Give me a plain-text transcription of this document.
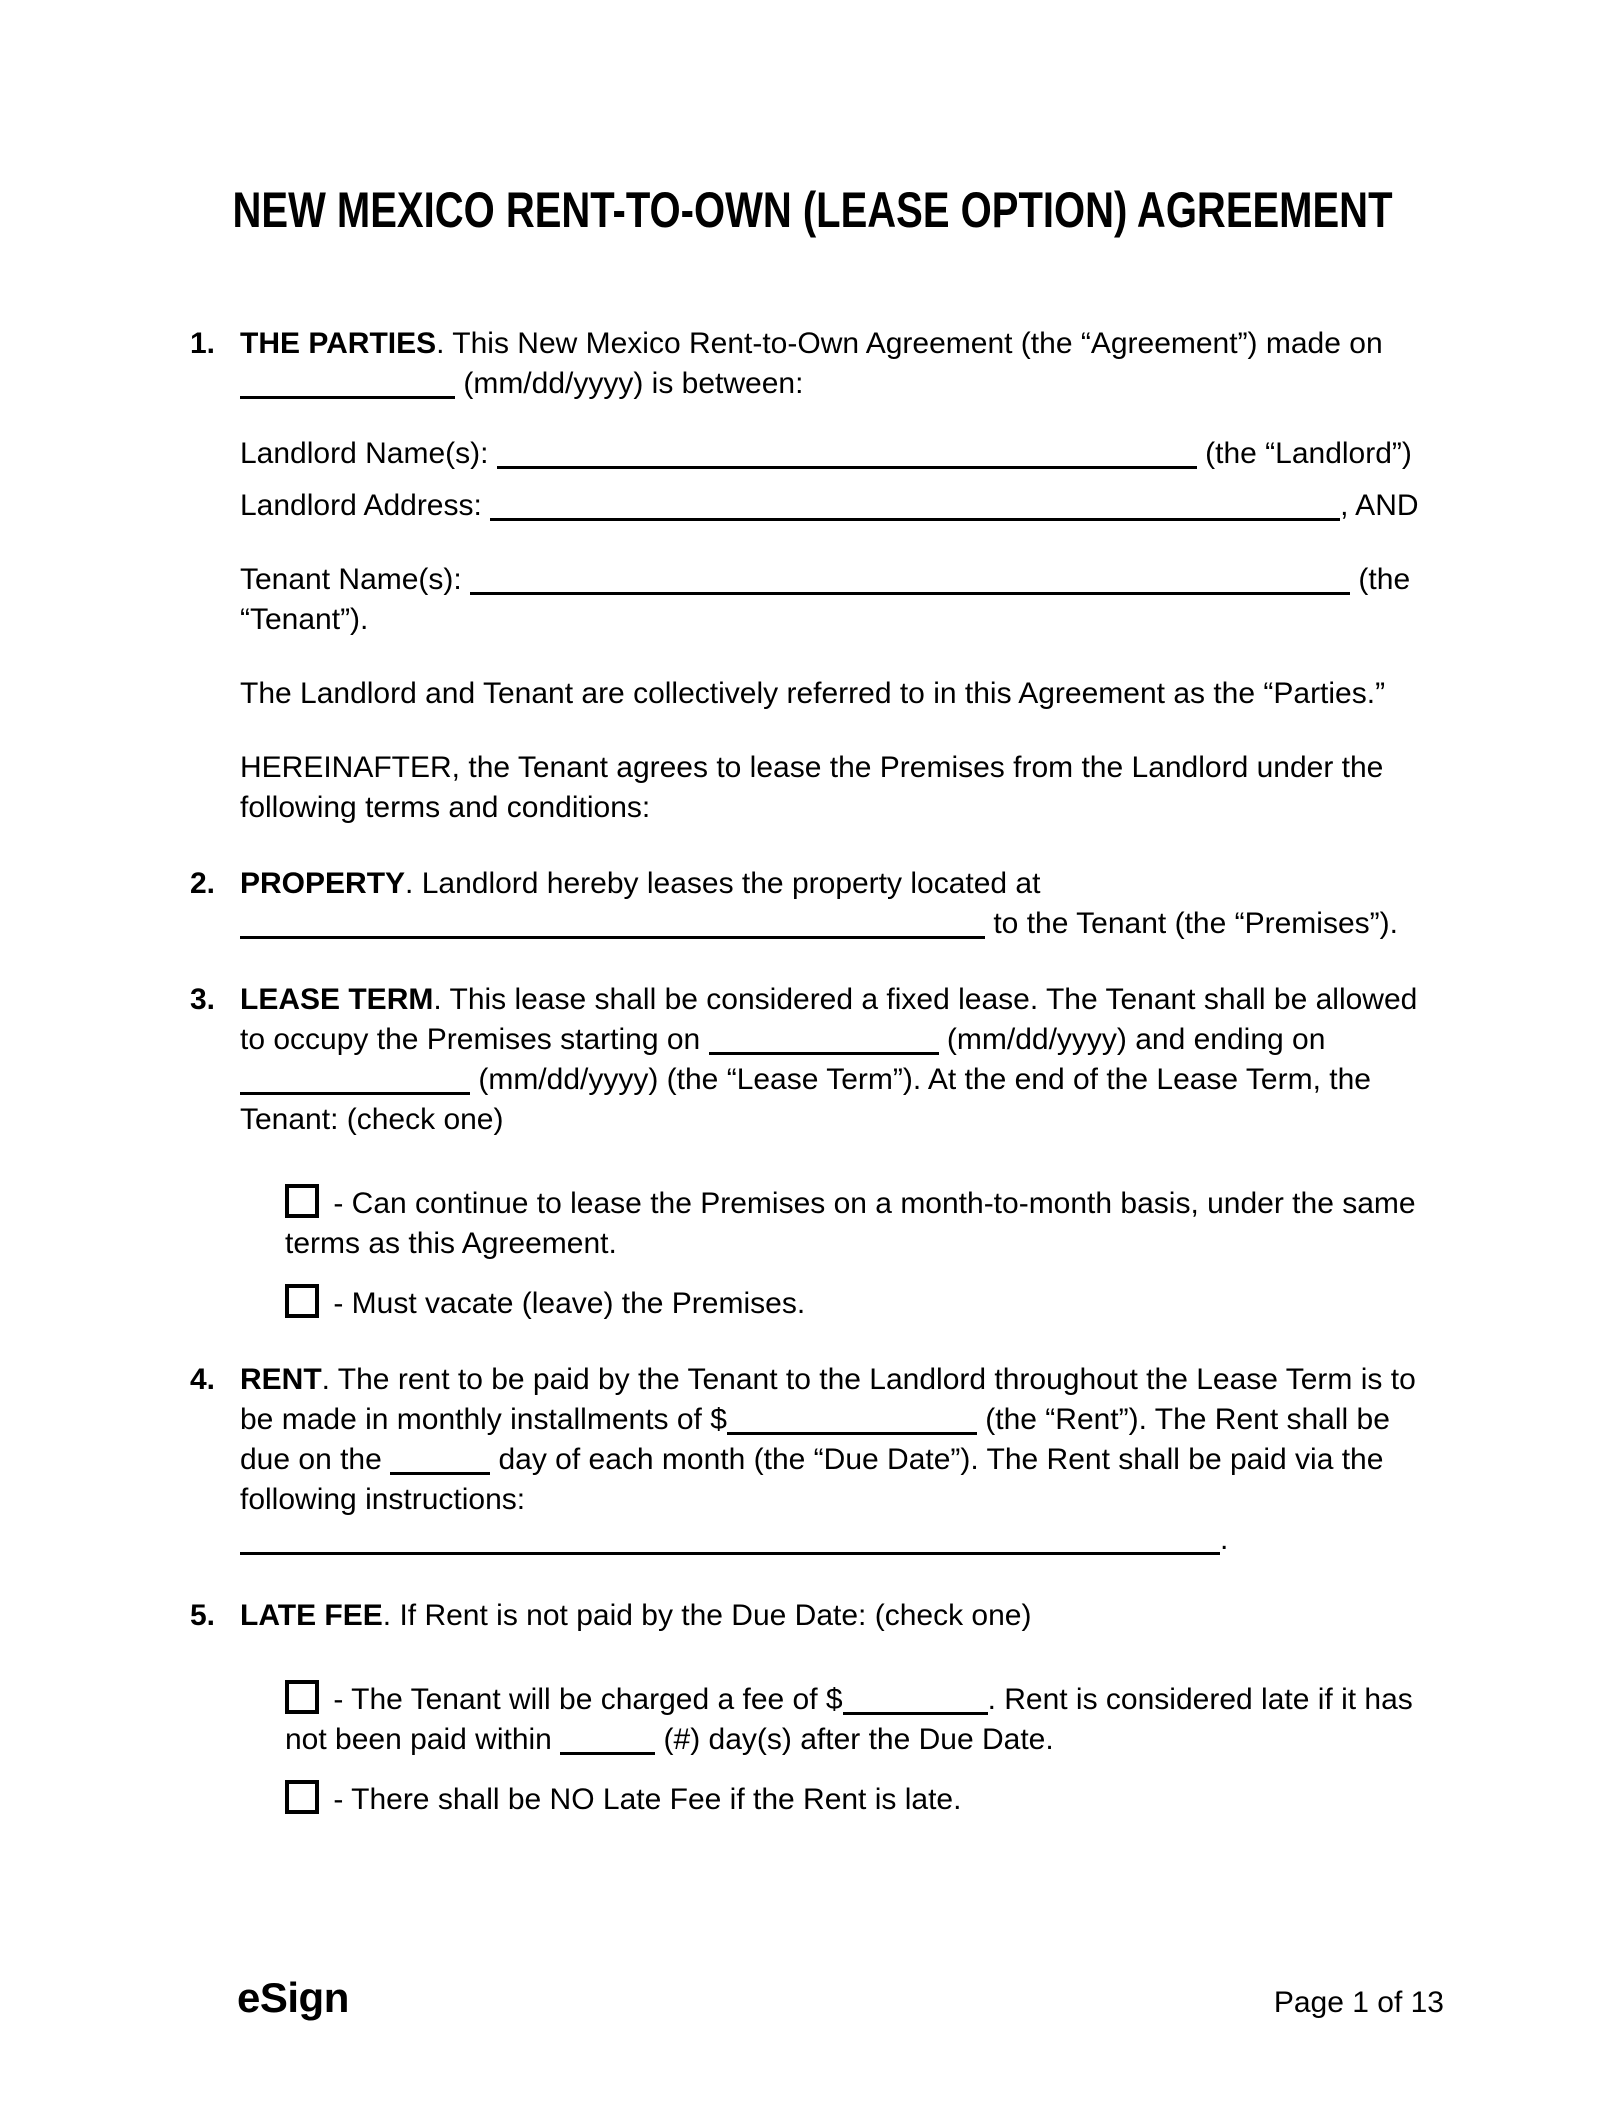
NEW MEXICO RENT-TO-OWN (LEASE OPTION) AGREEMENT
1. THE PARTIES. This New Mexico Rent-to-Own Agreement (the “Agreement”) made on  (mm/dd/yyyy) is between:

Landlord Name(s):	(the “Landlord”)

Landlord Address:	, AND

Tenant Name(s):	(the “Tenant”).

The Landlord and Tenant are collectively referred to in this Agreement as the “Parties.”

HEREINAFTER, the Tenant agrees to lease the Premises from the Landlord under the following terms and conditions:

2. PROPERTY. Landlord hereby leases the property located at  to the Tenant (the “Premises”).

3. LEASE TERM. This lease shall be considered a fixed lease. The Tenant shall be allowed to occupy the Premises starting on	(mm/dd/yyyy) and ending on  (mm/dd/yyyy) (the “Lease Term”). At the end of the Lease Term, the Tenant: (check one)

- Can continue to lease the Premises on a month-to-month basis, under the same terms as this Agreement.

- Must vacate (leave) the Premises.

4. RENT. The rent to be paid by the Tenant to the Landlord throughout the Lease Term is to be made in monthly installments of $	(the “Rent”). The Rent shall be due on the	day of each month (the “Due Date”). The Rent shall be paid via the following instructions: .

5. LATE FEE. If Rent is not paid by the Due Date: (check one)

- The Tenant will be charged a fee of $	. Rent is considered late if it has not been paid within	(#) day(s) after the Due Date.

- There shall be NO Late Fee if the Rent is late.

eSign	Page 1 of 13
